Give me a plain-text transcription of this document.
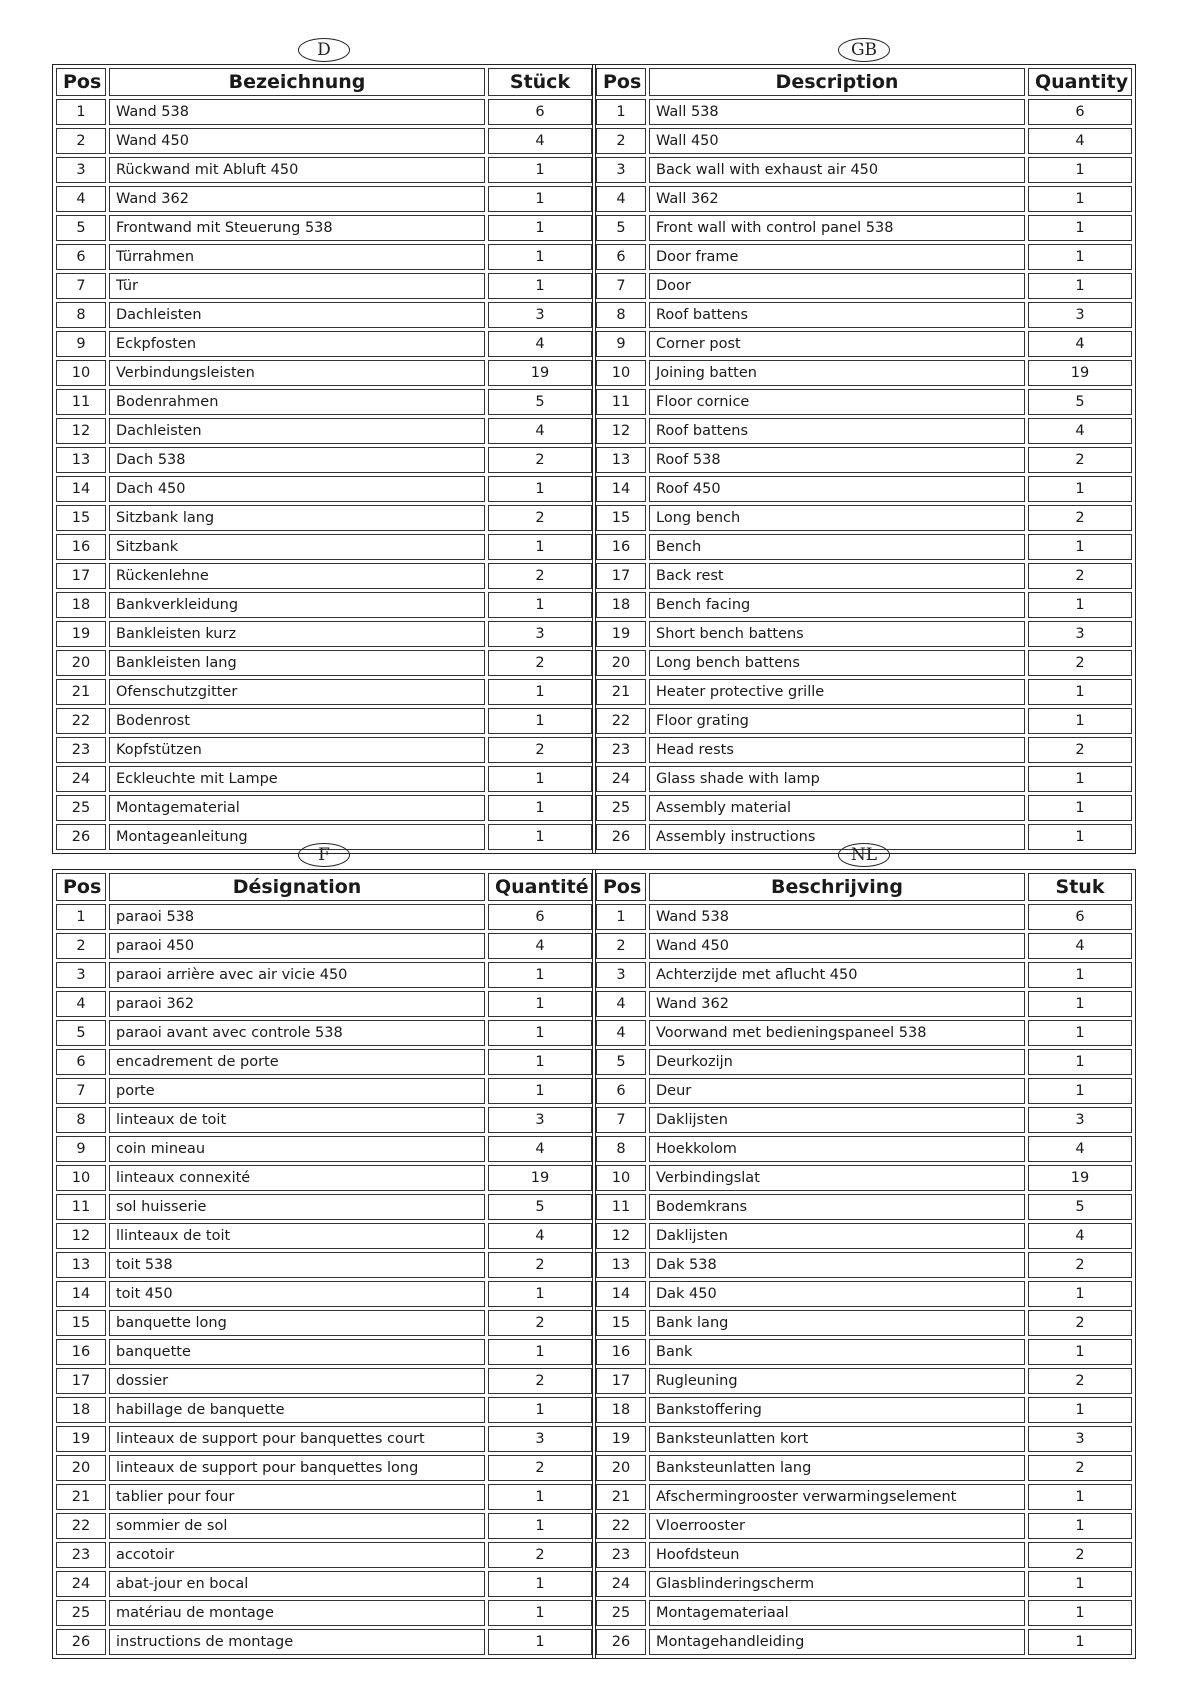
D
Pos	Bezeichnung	Stück
1	Wand 538	6
2	Wand 450	4
3	Rückwand mit Abluft 450	1
4	Wand 362	1
5	Frontwand mit Steuerung 538	1
6	Türrahmen	1
7	Tür	1
8	Dachleisten	3
9	Eckpfosten	4
10	Verbindungsleisten	19
11	Bodenrahmen	5
12	Dachleisten	4
13	Dach 538	2
14	Dach 450	1
15	Sitzbank lang	2
16	Sitzbank	1
17	Rückenlehne	2
18	Bankverkleidung	1
19	Bankleisten kurz	3
20	Bankleisten lang	2
21	Ofenschutzgitter	1
22	Bodenrost	1
23	Kopfstützen	2
24	Eckleuchte mit Lampe	1
25	Montagematerial	1
26	Montageanleitung	1
GB
Pos	Description	Quantity
1	Wall 538	6
2	Wall 450	4
3	Back wall with exhaust air 450	1
4	Wall 362	1
5	Front wall with control panel 538	1
6	Door frame	1
7	Door	1
8	Roof battens	3
9	Corner post	4
10	Joining batten	19
11	Floor cornice	5
12	Roof battens	4
13	Roof 538	2
14	Roof 450	1
15	Long bench	2
16	Bench	1
17	Back rest	2
18	Bench facing	1
19	Short bench battens	3
20	Long bench battens	2
21	Heater protective grille	1
22	Floor grating	1
23	Head rests	2
24	Glass shade with lamp	1
25	Assembly material	1
26	Assembly instructions	1
F
Pos	Désignation	Quantité
1	paraoi 538	6
2	paraoi 450	4
3	paraoi arrière avec air vicie 450	1
4	paraoi 362	1
5	paraoi avant avec controle 538	1
6	encadrement de porte	1
7	porte	1
8	linteaux de toit	3
9	coin mineau	4
10	linteaux connexité	19
11	sol huisserie	5
12	llinteaux de toit	4
13	toit 538	2
14	toit 450	1
15	banquette long	2
16	banquette	1
17	dossier	2
18	habillage de banquette	1
19	linteaux de support pour banquettes court	3
20	linteaux de support pour banquettes long	2
21	tablier pour four	1
22	sommier de sol	1
23	accotoir	2
24	abat-jour en bocal	1
25	matériau de montage	1
26	instructions de montage	1
NL
Pos	Beschrijving	Stuk
1	Wand 538	6
2	Wand 450	4
3	Achterzijde met aflucht 450	1
4	Wand 362	1
4	Voorwand met bedieningspaneel 538	1
5	Deurkozijn	1
6	Deur	1
7	Daklijsten	3
8	Hoekkolom	4
10	Verbindingslat	19
11	Bodemkrans	5
12	Daklijsten	4
13	Dak 538	2
14	Dak 450	1
15	Bank lang	2
16	Bank	1
17	Rugleuning	2
18	Bankstoffering	1
19	Banksteunlatten kort	3
20	Banksteunlatten lang	2
21	Afschermingrooster verwarmingselement	1
22	Vloerrooster	1
23	Hoofdsteun	2
24	Glasblinderingscherm	1
25	Montagemateriaal	1
26	Montagehandleiding	1
